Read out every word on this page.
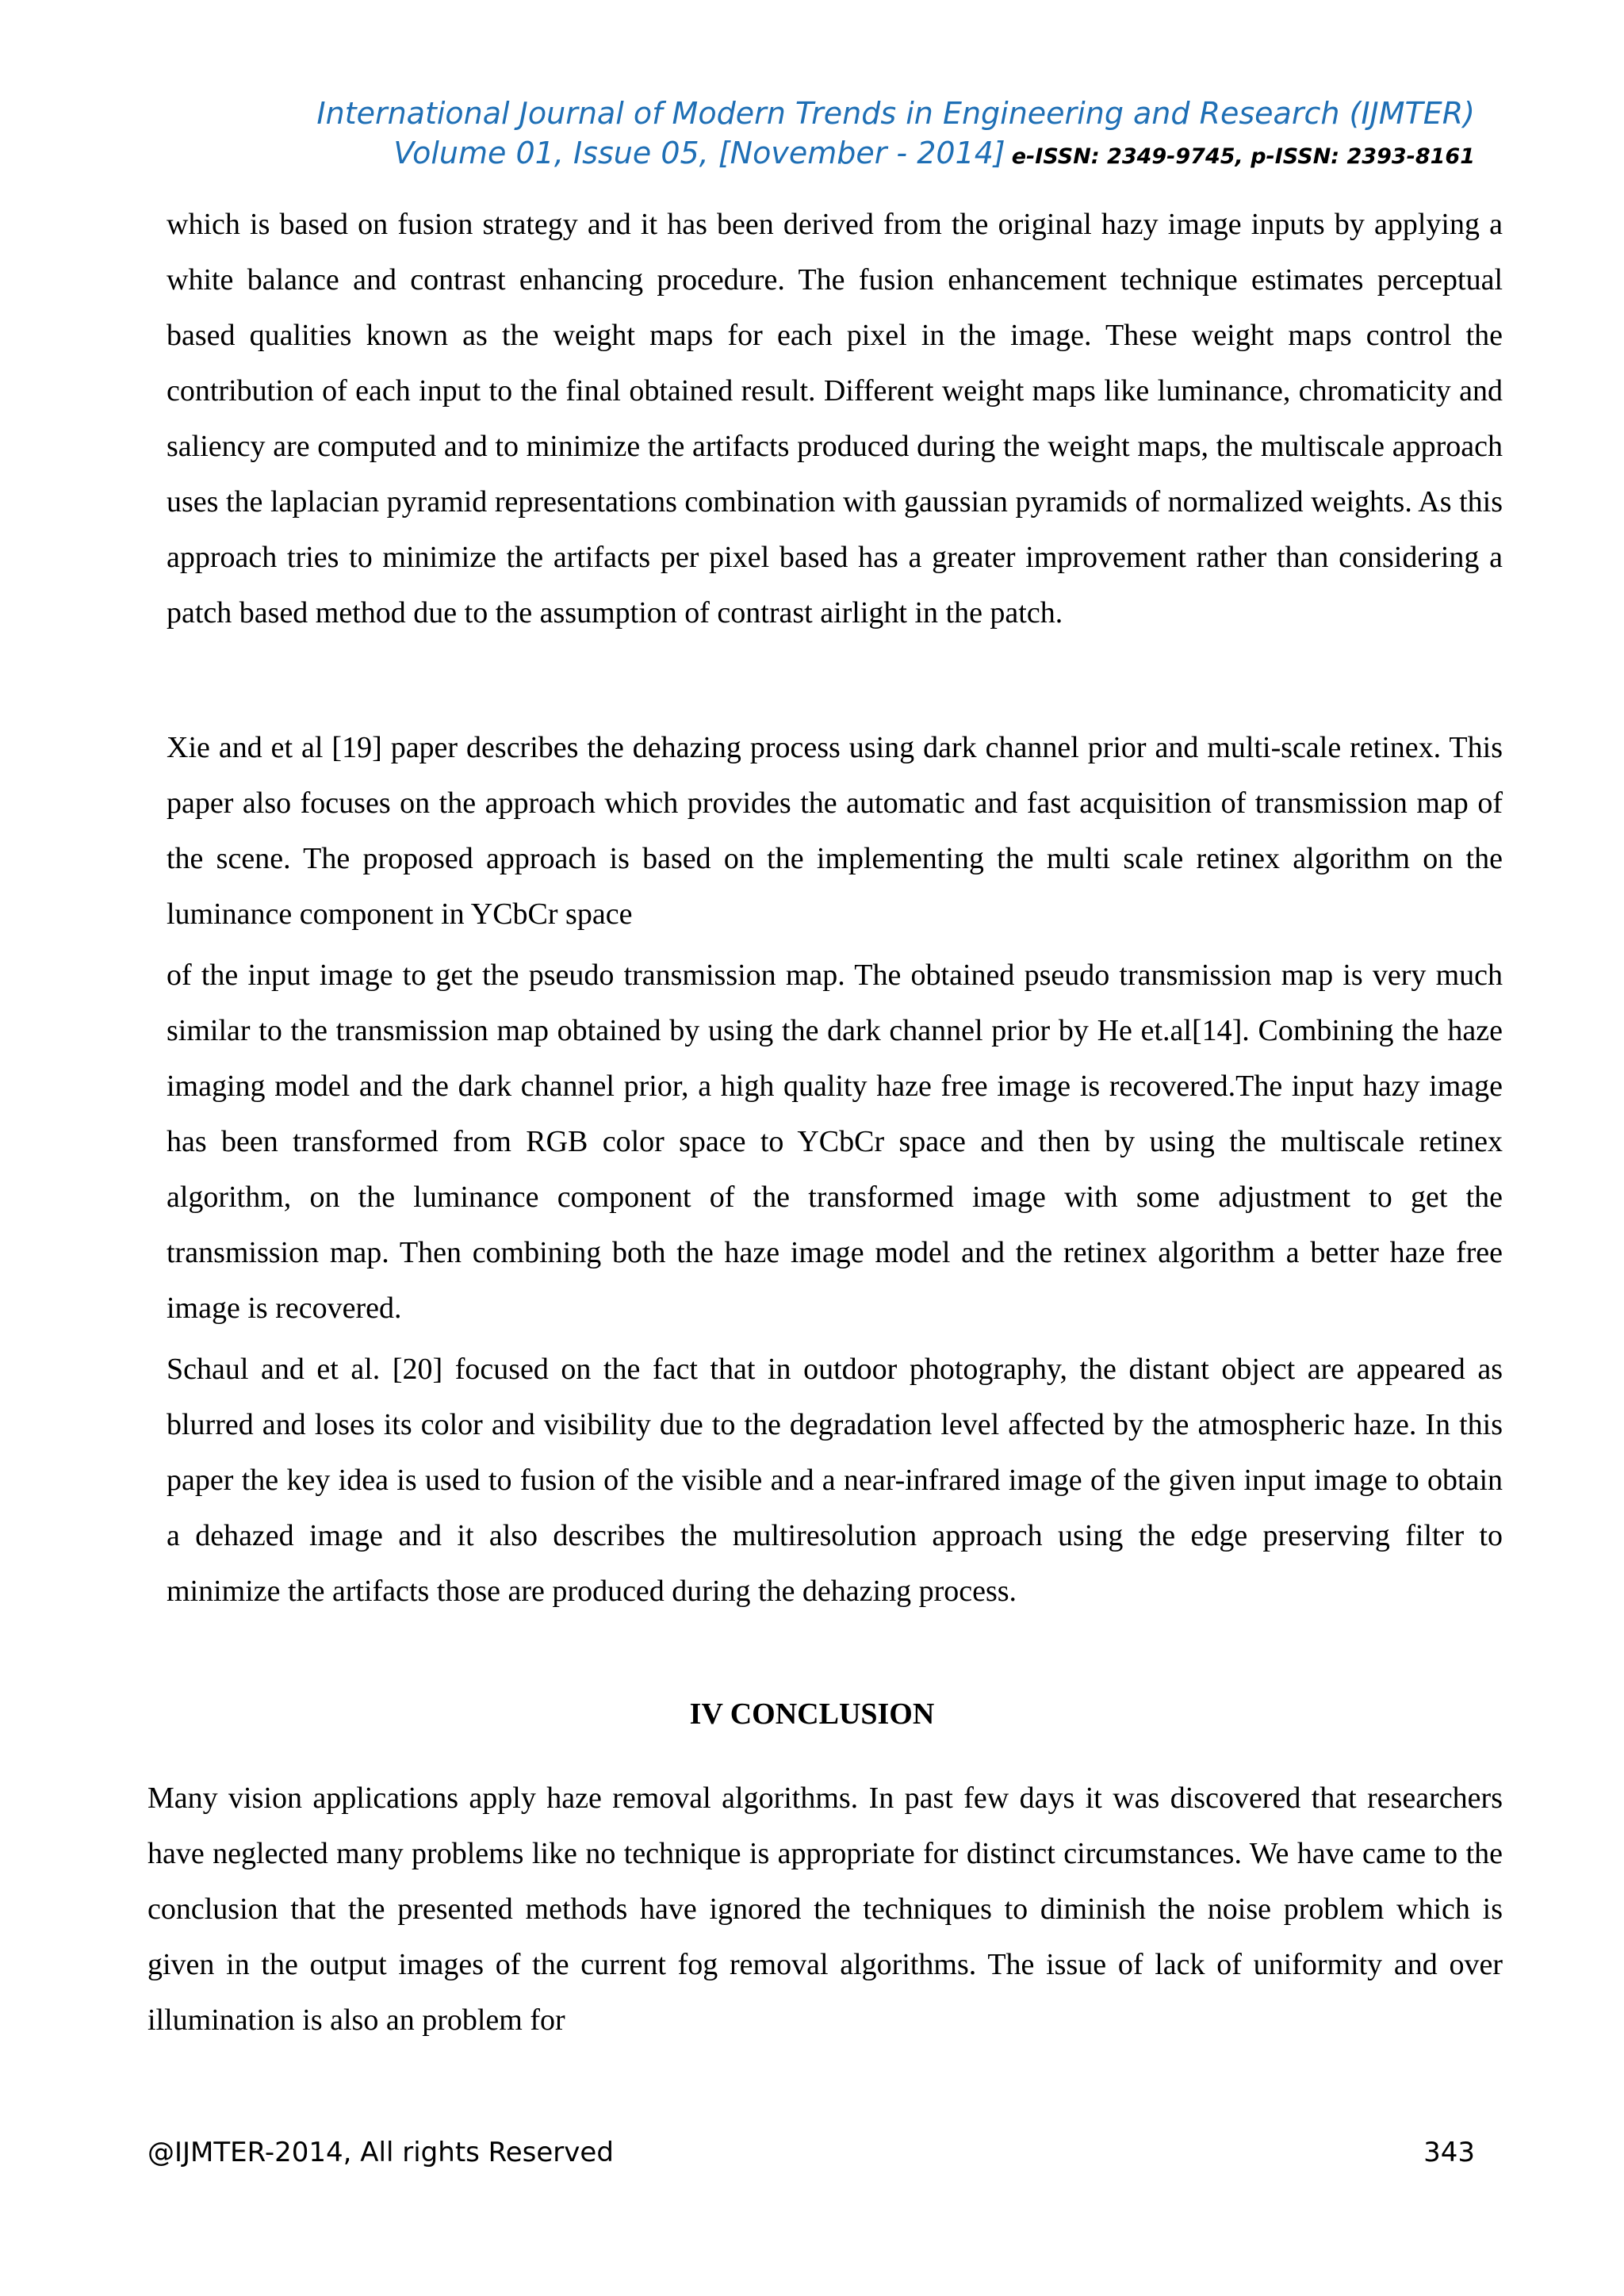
International Journal of Modern Trends in Engineering and Research (IJMTER)
Volume 01, Issue 05, [November - 2014] e-ISSN: 2349-9745, p-ISSN: 2393-8161

which is based on fusion strategy and it has been derived from the original hazy image inputs by applying a white balance and contrast enhancing procedure. The fusion enhancement technique estimates perceptual based qualities known as the weight maps for each pixel in the image. These weight maps control the contribution of each input to the final obtained result. Different weight maps like luminance, chromaticity and saliency are computed and to minimize the artifacts produced during the weight maps, the multiscale approach uses the laplacian pyramid representations combination with gaussian pyramids of normalized weights. As this approach tries to minimize the artifacts per pixel based has a greater improvement rather than considering a patch based method due to the assumption of contrast airlight in the patch.

Xie and et al [19] paper describes the dehazing process using dark channel prior and multi-scale retinex. This paper also focuses on the approach which provides the automatic and fast acquisition of transmission map of the scene. The proposed approach is based on the implementing the multi scale retinex algorithm on the luminance component in YCbCr space

of the input image to get the pseudo transmission map. The obtained pseudo transmission map is very much similar to the transmission map obtained by using the dark channel prior by He et.al[14]. Combining the haze imaging model and the dark channel prior, a high quality haze free image is recovered.The input hazy image has been transformed from RGB color space to YCbCr space and then by using the multiscale retinex algorithm, on the luminance component of the transformed image with some adjustment to get the transmission map. Then combining both the haze image model and the retinex algorithm a better haze free image is recovered.

Schaul and et al. [20] focused on the fact that in outdoor photography, the distant object are appeared as blurred and loses its color and visibility due to the degradation level affected by the atmospheric haze. In this paper the key idea is used to fusion of the visible and a near-infrared image of the given input image to obtain a dehazed image and it also describes the multiresolution approach using the edge preserving filter to minimize the artifacts those are produced during the dehazing process.

IV CONCLUSION

Many vision applications apply haze removal algorithms. In past few days it was discovered that researchers have neglected many problems like no technique is appropriate for distinct circumstances. We have came to the conclusion that the presented methods have ignored the techniques to diminish the noise problem which is given in the output images of the current fog removal algorithms. The issue of lack of uniformity and over illumination is also an problem for

@IJMTER-2014, All rights Reserved	343
